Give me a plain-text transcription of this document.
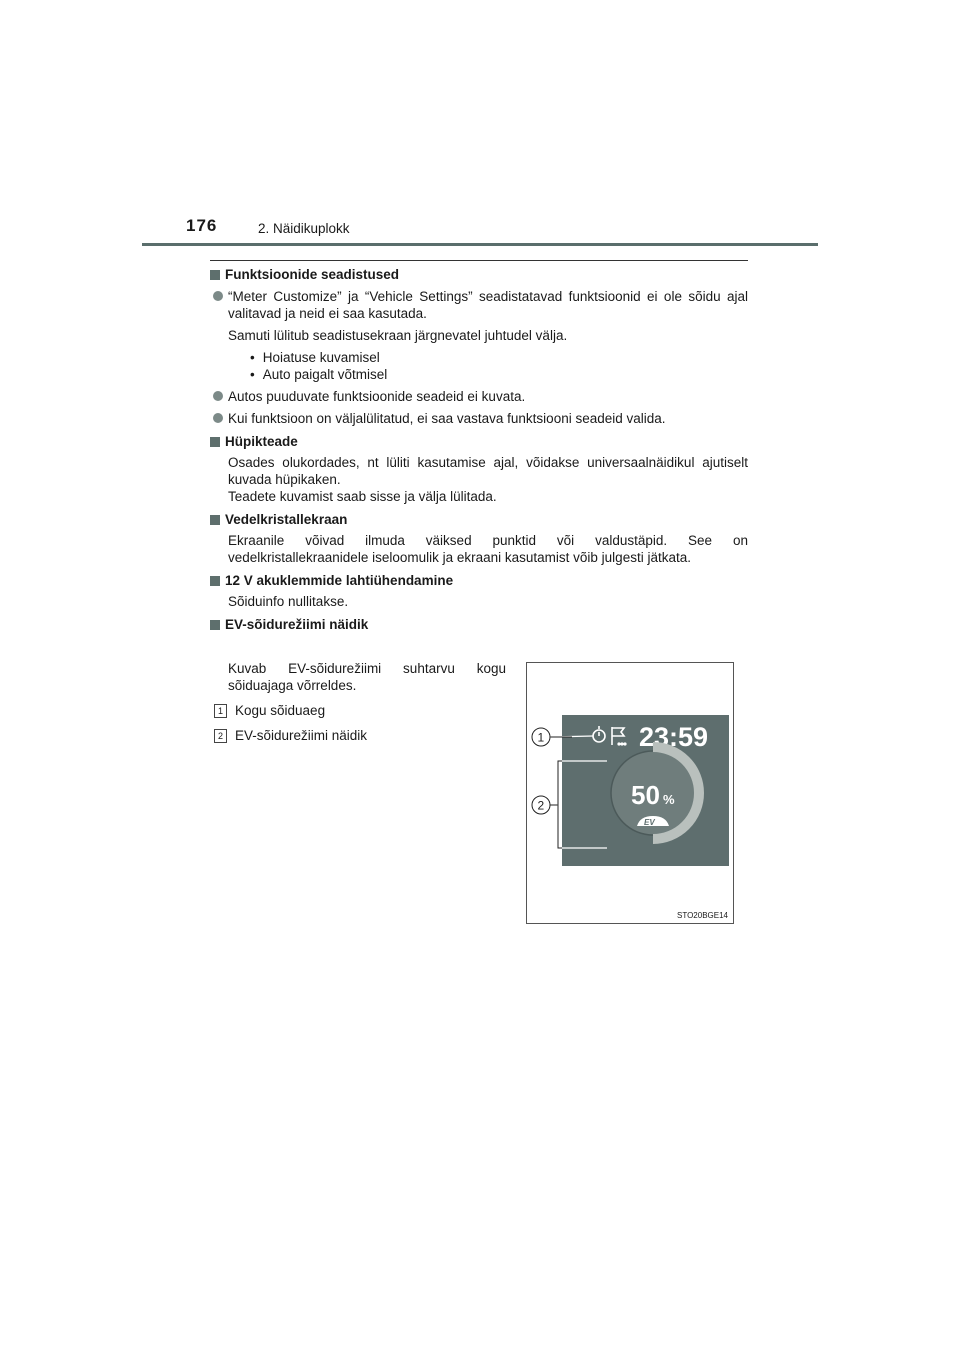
176	2. Näidikuplokk
Funktsioonide seadistused
“Meter Customize” ja “Vehicle Settings” seadistatavad funktsioonid ei ole sõidu ajal valitavad ja neid ei saa kasutada.
Samuti lülitub seadistusekraan järgnevatel juhtudel välja.
• Hoiatuse kuvamisel
• Auto paigalt võtmisel
Autos puuduvate funktsioonide seadeid ei kuvata.
Kui funktsioon on väljalülitatud, ei saa vastava funktsiooni seadeid valida.
Hüpikteade
Osades olukordades, nt lüliti kasutamise ajal, võidakse universaalnäidikul ajutiselt kuvada hüpikaken.
Teadete kuvamist saab sisse ja välja lülitada.
Vedelkristallekraan
Ekraanile võivad ilmuda väiksed punktid või valdustäpid. See on vedelkristallekraanidele iseloomulik ja ekraani kasutamist võib julgesti jätkata.
12 V akuklemmide lahtiühendamine
Sõiduinfo nullitakse.
EV-sõidurežiimi näidik
Kuvab EV-sõidurežiimi suhtarvu kogu sõiduajaga võrreldes.
1 Kogu sõiduaeg
2 EV-sõidurežiimi näidik	23:59
50 %
EV
1
2
STO20BGE14
